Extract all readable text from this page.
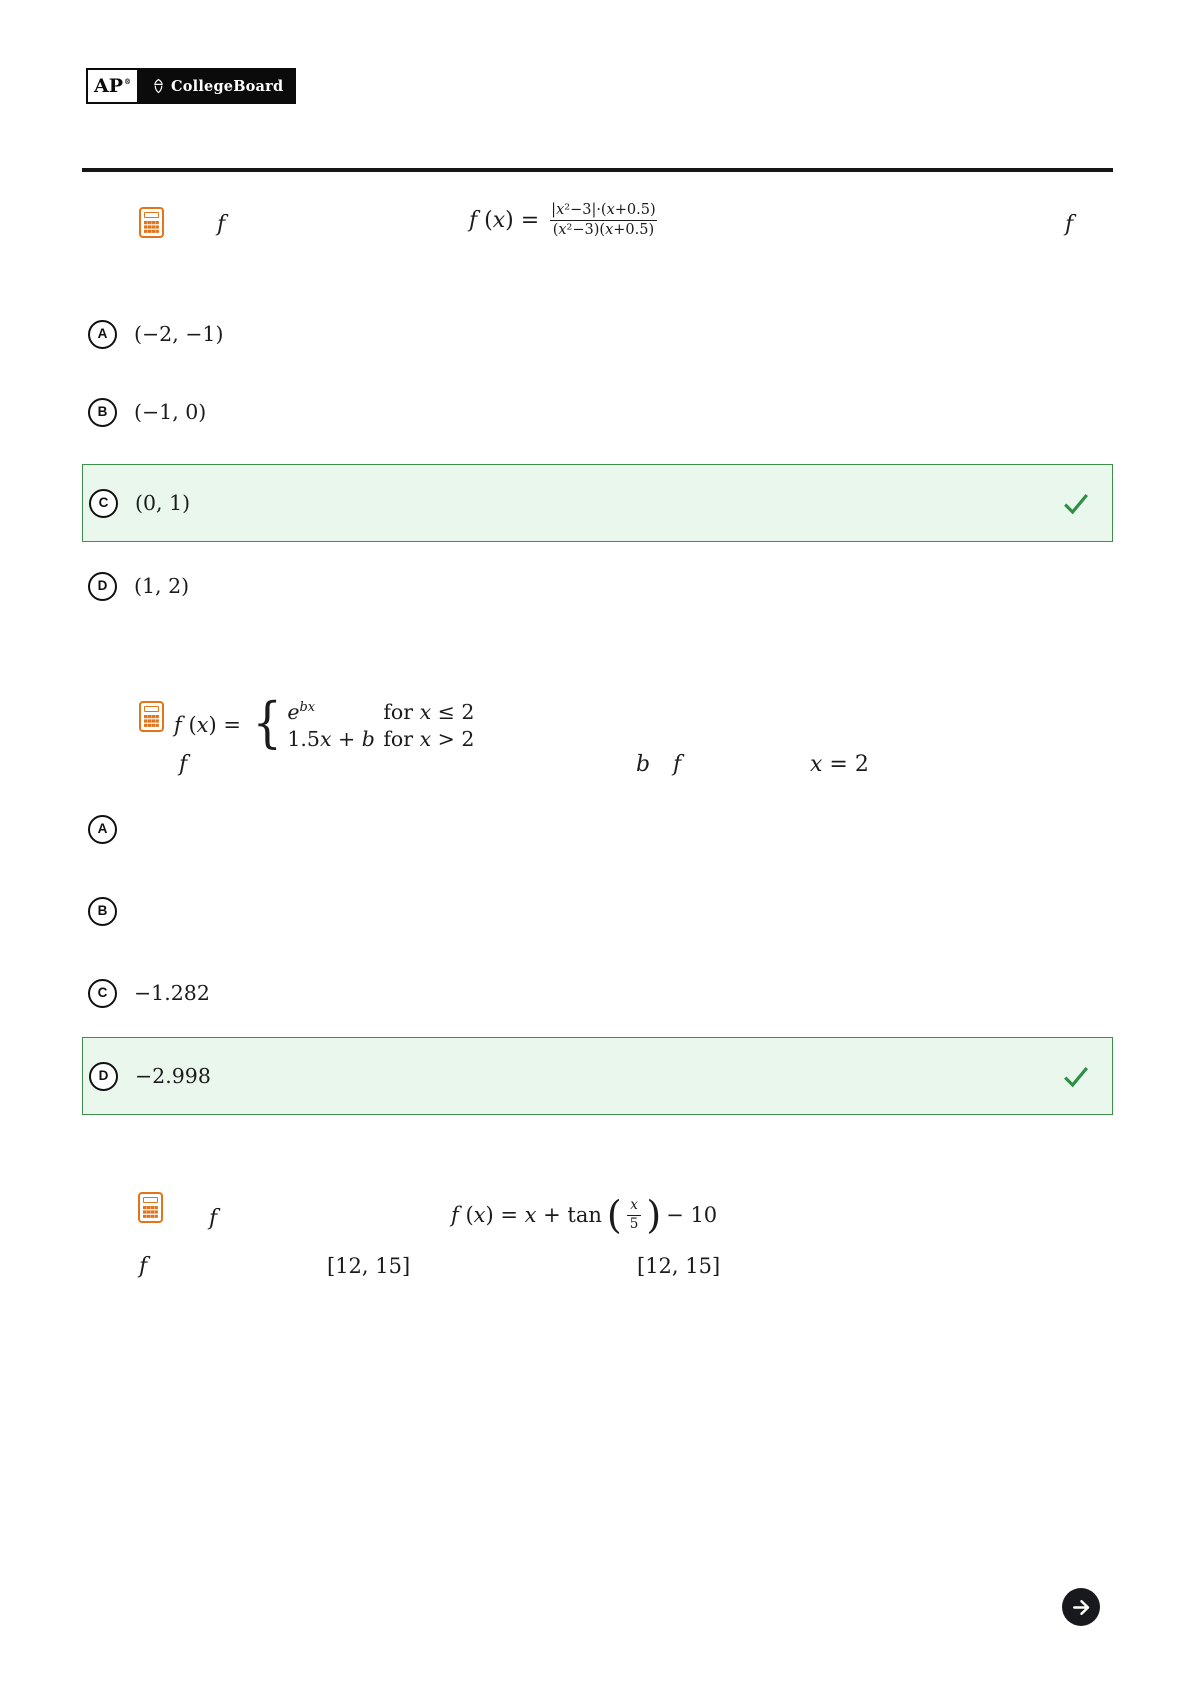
AP®	CollegeBoard
f	f $(x) = \frac{\text{|x²−3|·(x+0.5)}}{\text{(x²−3)(x+0.5)}}$	f
A (−2, −1)
B (−1, 0)
C (0, 1)
D (1, 2)
f (x) = { $e^{bx}$	for x ≤ 2
1.5x + b for x > 2
f	b f	x = 2
A
B
C −1.282
D −2.998
f	f (x) = x + tan ( $\frac{x}{5}$ ) − 10
f	[12, 15]	[12, 15]
